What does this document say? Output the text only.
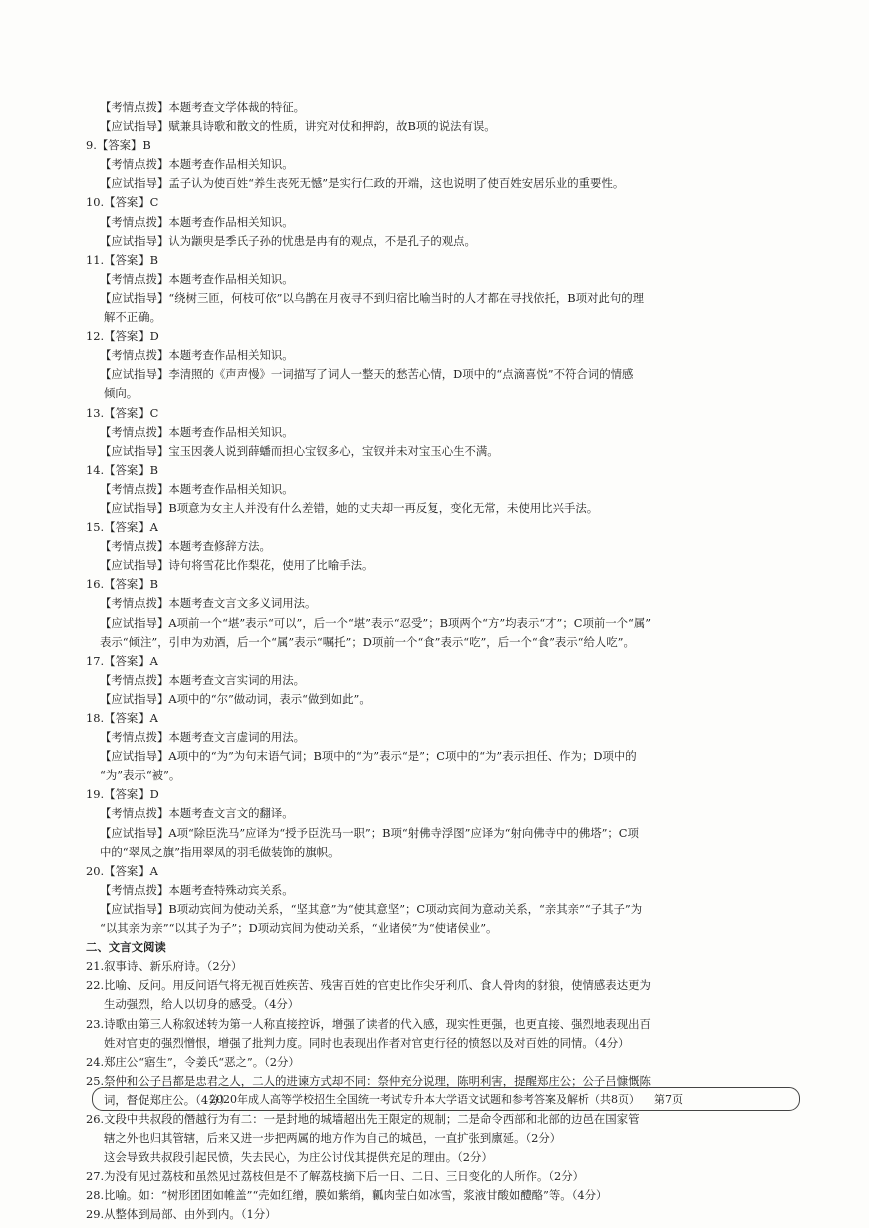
【考情点拨】本题考查文学体裁的特征。
【应试指导】赋兼具诗歌和散文的性质，讲究对仗和押韵，故B项的说法有误。
9.【答案】B
【考情点拨】本题考查作品相关知识。
【应试指导】孟子认为使百姓“养生丧死无憾”是实行仁政的开端，这也说明了使百姓安居乐业的重要性。
10.【答案】C
【考情点拨】本题考查作品相关知识。
【应试指导】认为颛臾是季氏子孙的忧患是冉有的观点，不是孔子的观点。
11.【答案】B
【考情点拨】本题考查作品相关知识。
【应试指导】“绕树三匝，何枝可依”以乌鹊在月夜寻不到归宿比喻当时的人才都在寻找依托，B项对此句的理
解不正确。
12.【答案】D
【考情点拨】本题考查作品相关知识。
【应试指导】李清照的《声声慢》一词描写了词人一整天的愁苦心情，D项中的“点滴喜悦”不符合词的情感
倾向。
13.【答案】C
【考情点拨】本题考查作品相关知识。
【应试指导】宝玉因袭人说到薛蟠而担心宝钗多心，宝钗并未对宝玉心生不满。
14.【答案】B
【考情点拨】本题考查作品相关知识。
【应试指导】B项意为女主人并没有什么差错，她的丈夫却一再反复，变化无常，未使用比兴手法。
15.【答案】A
【考情点拨】本题考查修辞方法。
【应试指导】诗句将雪花比作梨花，使用了比喻手法。
16.【答案】B
【考情点拨】本题考查文言文多义词用法。
【应试指导】A项前一个“堪”表示“可以”，后一个“堪”表示“忍受”；B项两个“方”均表示“才”；C项前一个“属”
表示“倾注”，引申为劝酒，后一个“属”表示“嘱托”；D项前一个“食”表示“吃”，后一个“食”表示“给人吃”。
17.【答案】A
【考情点拨】本题考查文言实词的用法。
【应试指导】A项中的“尔”做动词，表示“做到如此”。
18.【答案】A
【考情点拨】本题考查文言虚词的用法。
【应试指导】A项中的“为”为句末语气词；B项中的“为”表示“是”；C项中的“为”表示担任、作为；D项中的
“为”表示“被”。
19.【答案】D
【考情点拨】本题考查文言文的翻译。
【应试指导】A项“除臣洗马”应译为“授予臣洗马一职”；B项“射佛寺浮图”应译为“射向佛寺中的佛塔”；C项
中的“翠凤之旗”指用翠凤的羽毛做装饰的旗帜。
20.【答案】A
【考情点拨】本题考查特殊动宾关系。
【应试指导】B项动宾间为使动关系，“坚其意”为“使其意坚”；C项动宾间为意动关系，“亲其亲”“子其子”为
“以其亲为亲”“以其子为子”；D项动宾间为使动关系，“业诸侯”为“使诸侯业”。
二、文言文阅读
21.叙事诗、新乐府诗。（2分）
22.比喻、反问。用反问语气将无视百姓疾苦、残害百姓的官吏比作尖牙利爪、食人骨肉的豺狼，使情感表达更为
生动强烈，给人以切身的感受。（4分）
23.诗歌由第三人称叙述转为第一人称直接控诉，增强了读者的代入感，现实性更强，也更直接、强烈地表现出百
姓对官吏的强烈憎恨，增强了批判力度。同时也表现出作者对官吏行径的愤怒以及对百姓的同情。（4分）
24.郑庄公“寤生”，令姜氏“恶之”。（2分）
25.祭仲和公子吕都是忠君之人，二人的进谏方式却不同：祭仲充分说理，陈明利害，提醒郑庄公；公子吕慷慨陈
词，督促郑庄公。（4分）
26.文段中共叔段的僭越行为有二：一是封地的城墙超出先王限定的规制；二是命令西部和北部的边邑在国家管
辖之外也归其管辖，后来又进一步把两属的地方作为自己的城邑，一直扩张到廪延。（2分）
这会导致共叔段引起民愤，失去民心，为庄公讨伐其提供充足的理由。（2分）
27.为没有见过荔枝和虽然见过荔枝但是不了解荔枝摘下后一日、二日、三日变化的人所作。（2分）
28.比喻。如：“树形团团如帷盖”“壳如红缯，膜如紫绡，瓤肉莹白如冰雪，浆液甘酸如醴酪”等。（4分）
29.从整体到局部、由外到内。（1分）
2020年成人高等学校招生全国统一考试专升本大学语文试题和参考答案及解析（共8页） 第7页
